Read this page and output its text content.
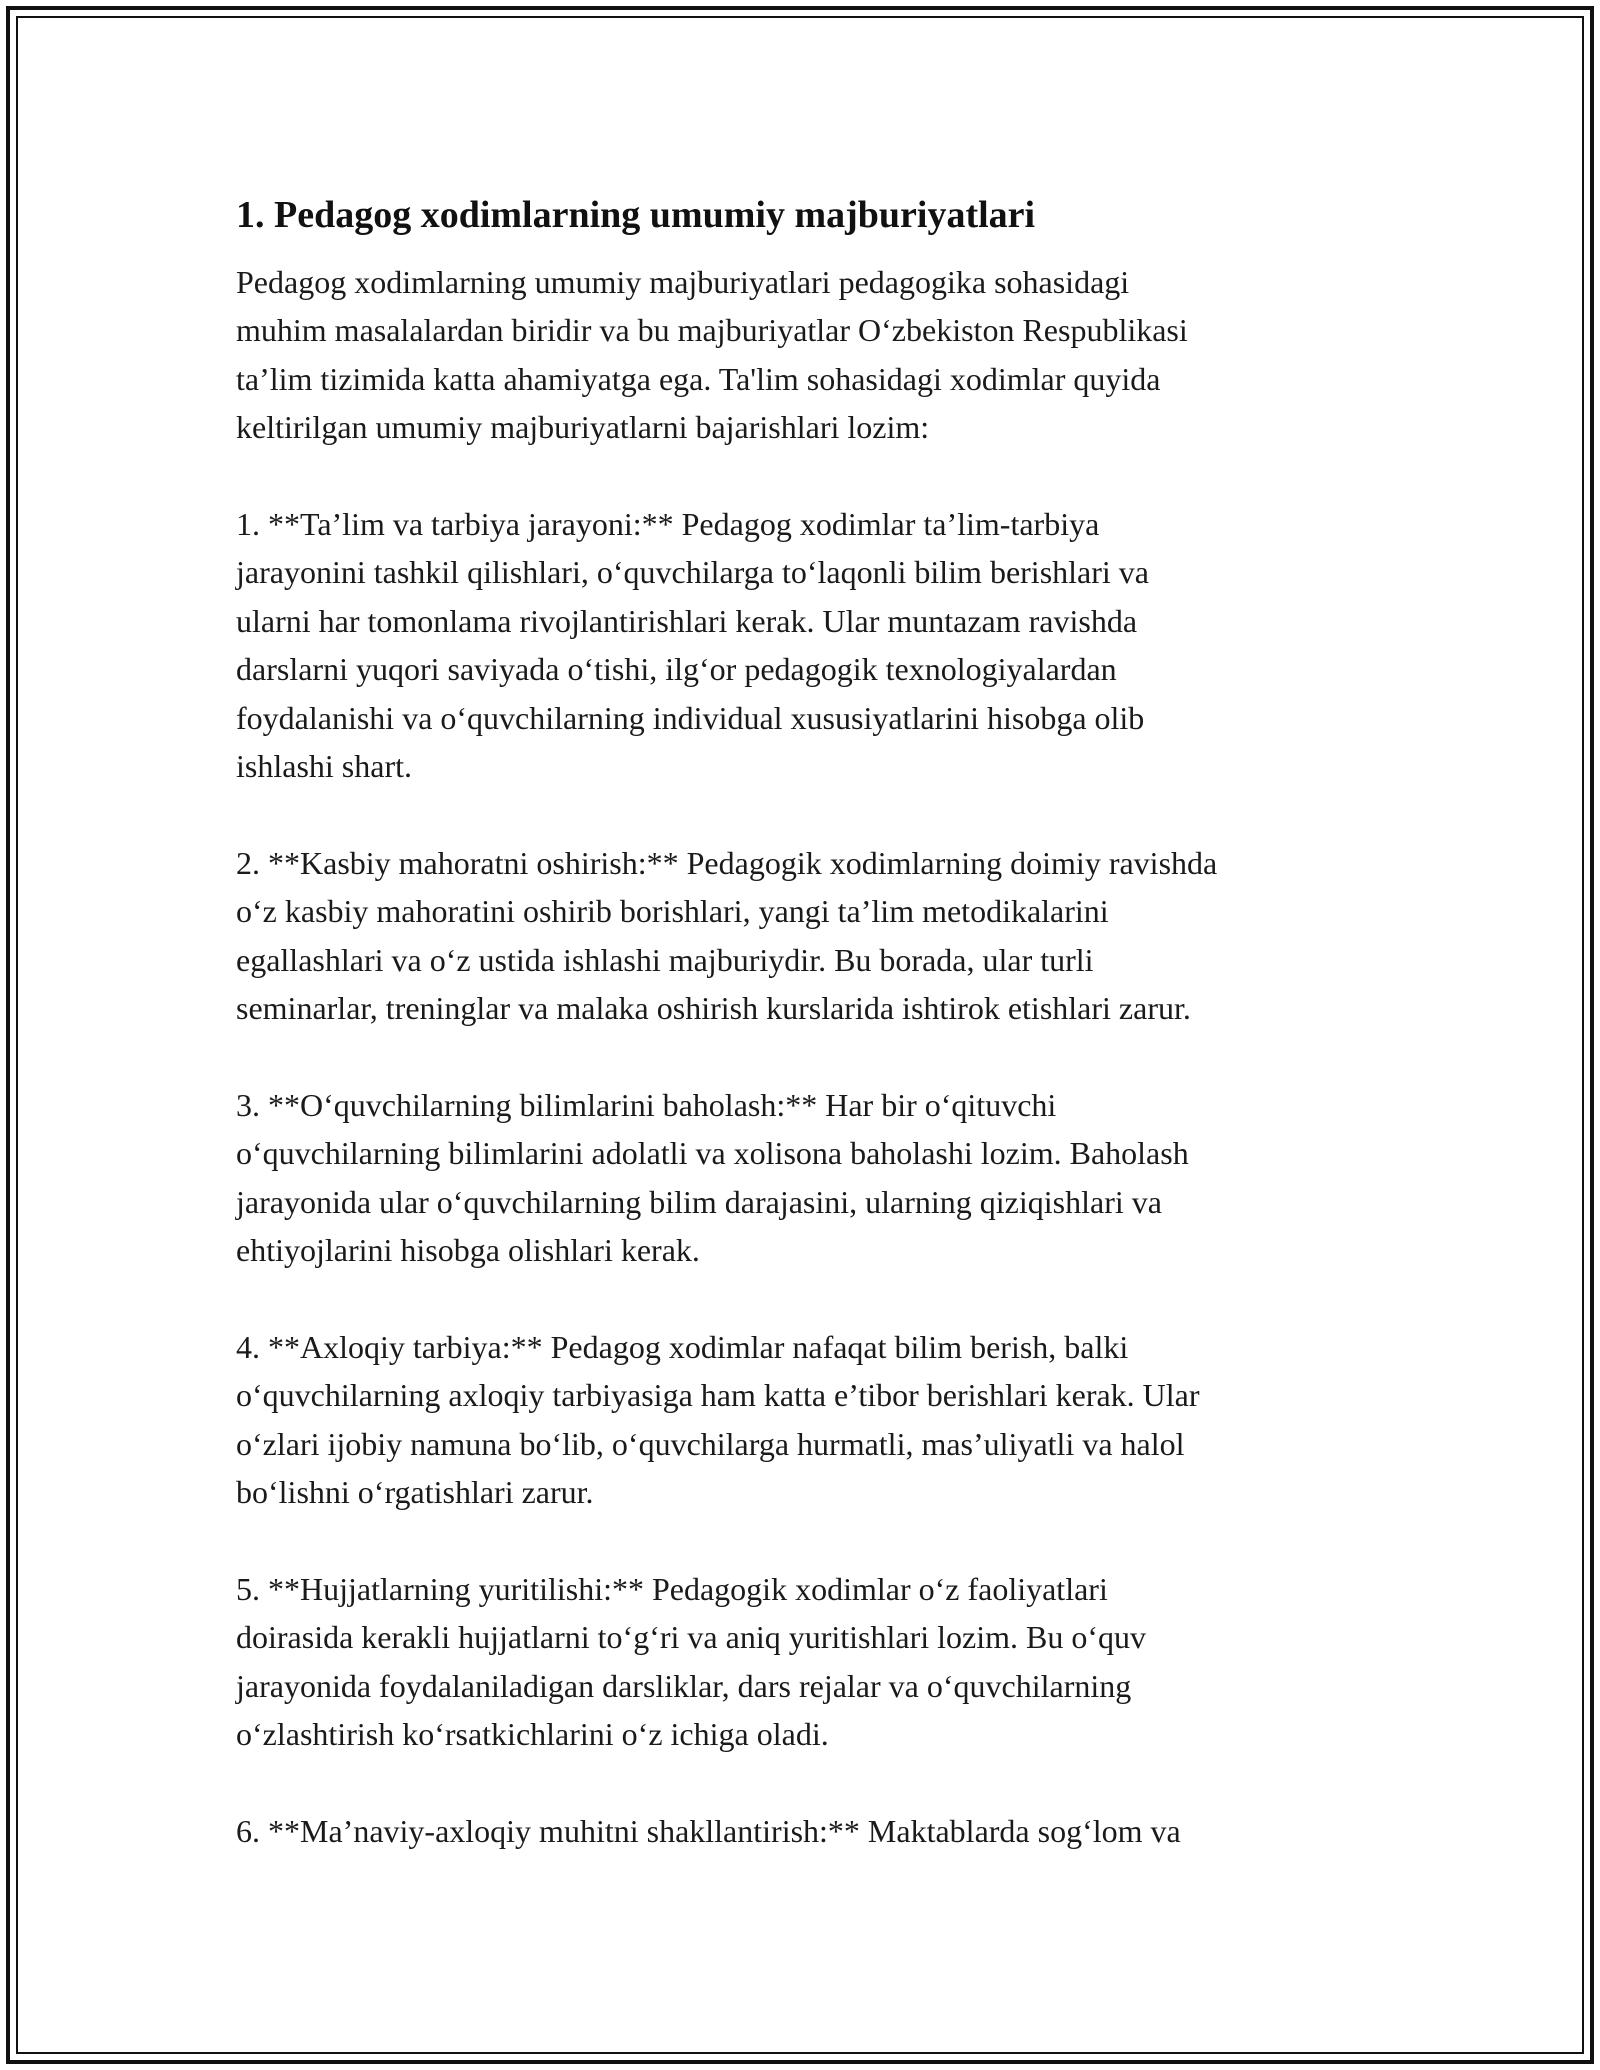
1. Pedagog xodimlarning umumiy majburiyatlari

Pedagog xodimlarning umumiy majburiyatlari pedagogika sohasidagi
muhim masalalardan biridir va bu majburiyatlar O‘zbekiston Respublikasi
ta’lim tizimida katta ahamiyatga ega. Ta'lim sohasidagi xodimlar quyida
keltirilgan umumiy majburiyatlarni bajarishlari lozim:

1. **Ta’lim va tarbiya jarayoni:** Pedagog xodimlar ta’lim-tarbiya
jarayonini tashkil qilishlari, o‘quvchilarga to‘laqonli bilim berishlari va
ularni har tomonlama rivojlantirishlari kerak. Ular muntazam ravishda
darslarni yuqori saviyada o‘tishi, ilg‘or pedagogik texnologiyalardan
foydalanishi va o‘quvchilarning individual xususiyatlarini hisobga olib
ishlashi shart.

2. **Kasbiy mahoratni oshirish:** Pedagogik xodimlarning doimiy ravishda
o‘z kasbiy mahoratini oshirib borishlari, yangi ta’lim metodikalarini
egallashlari va o‘z ustida ishlashi majburiydir. Bu borada, ular turli
seminarlar, treninglar va malaka oshirish kurslarida ishtirok etishlari zarur.

3. **O‘quvchilarning bilimlarini baholash:** Har bir o‘qituvchi
o‘quvchilarning bilimlarini adolatli va xolisona baholashi lozim. Baholash
jarayonida ular o‘quvchilarning bilim darajasini, ularning qiziqishlari va
ehtiyojlarini hisobga olishlari kerak.

4. **Axloqiy tarbiya:** Pedagog xodimlar nafaqat bilim berish, balki
o‘quvchilarning axloqiy tarbiyasiga ham katta e’tibor berishlari kerak. Ular
o‘zlari ijobiy namuna bo‘lib, o‘quvchilarga hurmatli, mas’uliyatli va halol
bo‘lishni o‘rgatishlari zarur.

5. **Hujjatlarning yuritilishi:** Pedagogik xodimlar o‘z faoliyatlari
doirasida kerakli hujjatlarni to‘g‘ri va aniq yuritishlari lozim. Bu o‘quv
jarayonida foydalaniladigan darsliklar, dars rejalar va o‘quvchilarning
o‘zlashtirish ko‘rsatkichlarini o‘z ichiga oladi.

6. **Ma’naviy-axloqiy muhitni shakllantirish:** Maktablarda sog‘lom va
